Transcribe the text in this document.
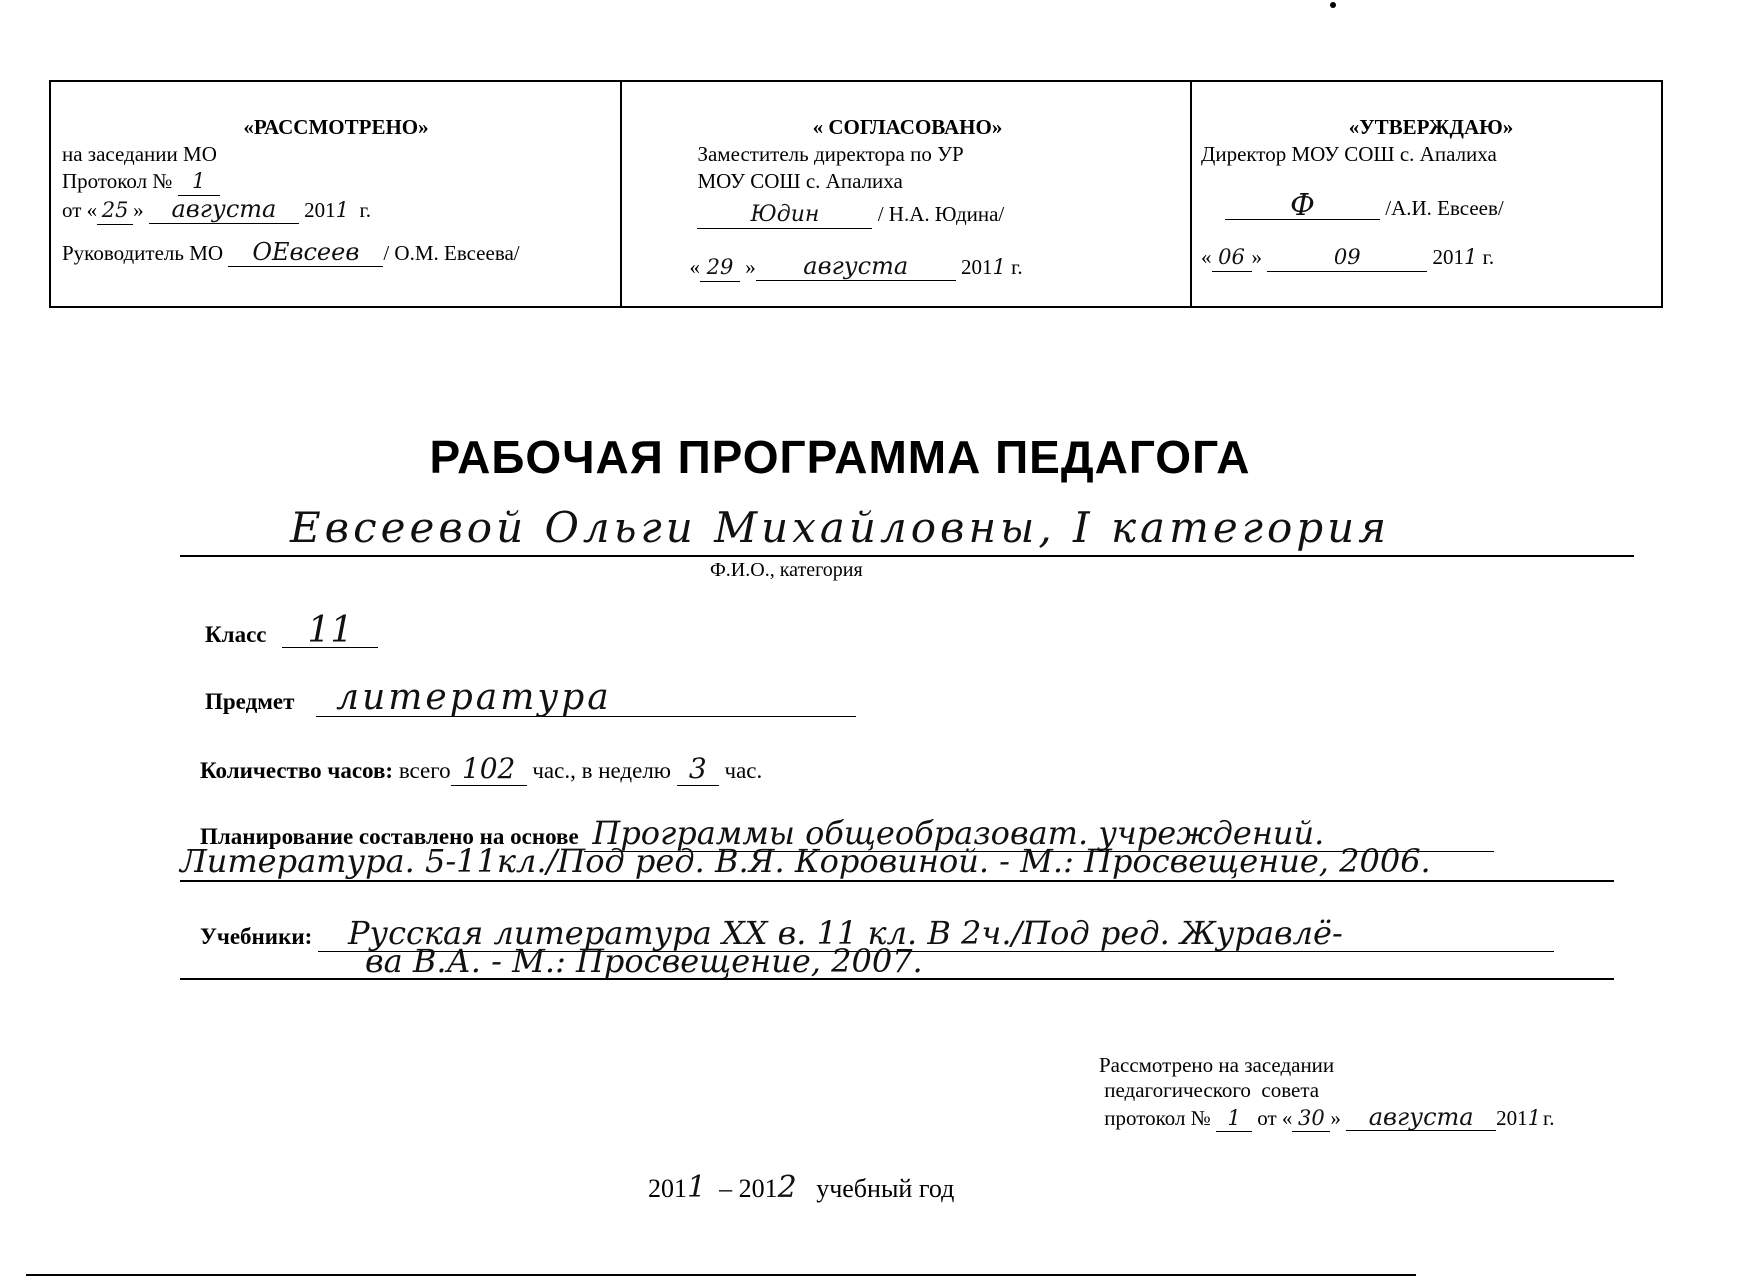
«РАССМОТРЕНО»
на заседании МО
Протокол № 1
от « 25 » августа 2011  г.
Руководитель МО OЕвсеев / О.М. Евсеева/
« СОГЛАСОВАНО»
Заместитель директора по УР
МОУ СОШ с. Апалиха
Юдин	/ Н.А. Юдина/
« 29 » августа	2011 г.
«УТВЕРЖДАЮ»
Директор МОУ СОШ с. Апалиха
Ф	/А.И. Евсеев/
« 06 »	09	2011 г.
РАБОЧАЯ ПРОГРАММА ПЕДАГОГА
Евсеевой Ольги Михайловны, I категория
Ф.И.О., категория
Класс 11
Предмет литература
Количество часов: всего 102 час., в неделю 3 час.
Планирование составлено на основе Программы общеобразоват. учреждений.
Литература. 5-11кл./Под ред. В.Я. Коровиной. - М.: Просвещение, 2006.
Учебники: Русская литература XX в. 11 кл. В 2ч./Под ред. Журавлё-
ва В.А. - М.: Просвещение, 2007.
Рассмотрено на заседании
педагогического  совета
протокол № 1 от « 30 » августа 2011г.
2011  – 2012   учебный год
